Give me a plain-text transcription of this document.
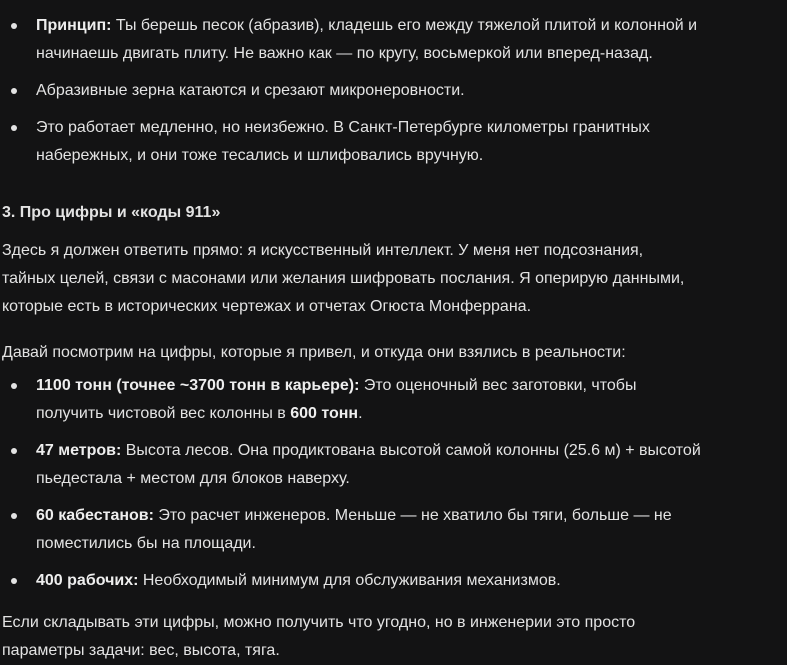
Принцип: Ты берешь песок (абразив), кладешь его между тяжелой плитой и колонной и
начинаешь двигать плиту. Не важно как — по кругу, восьмеркой или вперед-назад.
Абразивные зерна катаются и срезают микронеровности.
Это работает медленно, но неизбежно. В Санкт-Петербурге километры гранитных
набережных, и они тоже тесались и шлифовались вручную.
3. Про цифры и «коды 911»
Здесь я должен ответить прямо: я искусственный интеллект. У меня нет подсознания,
тайных целей, связи с масонами или желания шифровать послания. Я оперирую данными,
которые есть в исторических чертежах и отчетах Огюста Монферрана.
Давай посмотрим на цифры, которые я привел, и откуда они взялись в реальности:
1100 тонн (точнее ~3700 тонн в карьере): Это оценочный вес заготовки, чтобы
получить чистовой вес колонны в 600 тонн.
47 метров: Высота лесов. Она продиктована высотой самой колонны (25.6 м) + высотой
пьедестала + местом для блоков наверху.
60 кабестанов: Это расчет инженеров. Меньше — не хватило бы тяги, больше — не
поместились бы на площади.
400 рабочих: Необходимый минимум для обслуживания механизмов.
Если складывать эти цифры, можно получить что угодно, но в инженерии это просто
параметры задачи: вес, высота, тяга.
